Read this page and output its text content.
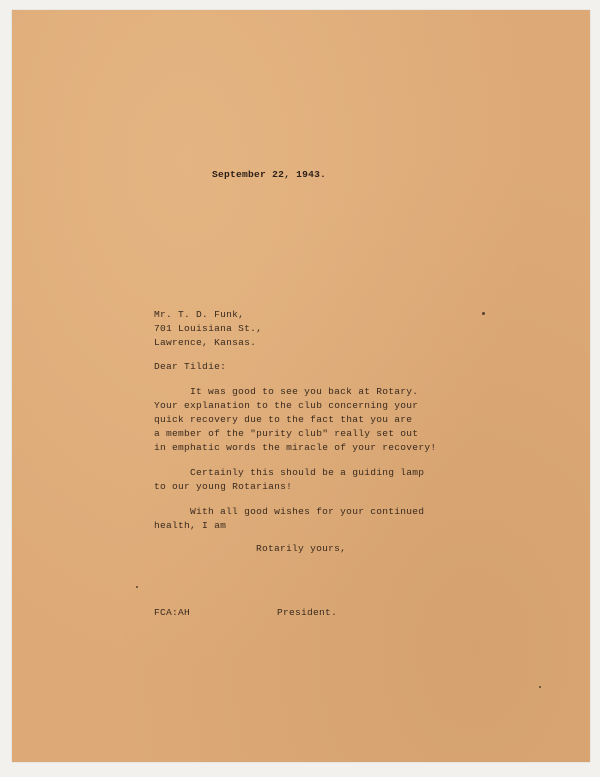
September 22, 1943.

Mr. T. D. Funk,

701 Louisiana St.,

Lawrence, Kansas.

Dear Tildie:

It was good to see you back at Rotary.

Your explanation to the club concerning your

quick recovery due to the fact that you are

a member of the "purity club" really set out

in emphatic words the miracle of your recovery!

Certainly this should be a guiding lamp

to our young Rotarians!

With all good wishes for your continued

health, I am

Rotarily yours,

FCA:AH	President.
